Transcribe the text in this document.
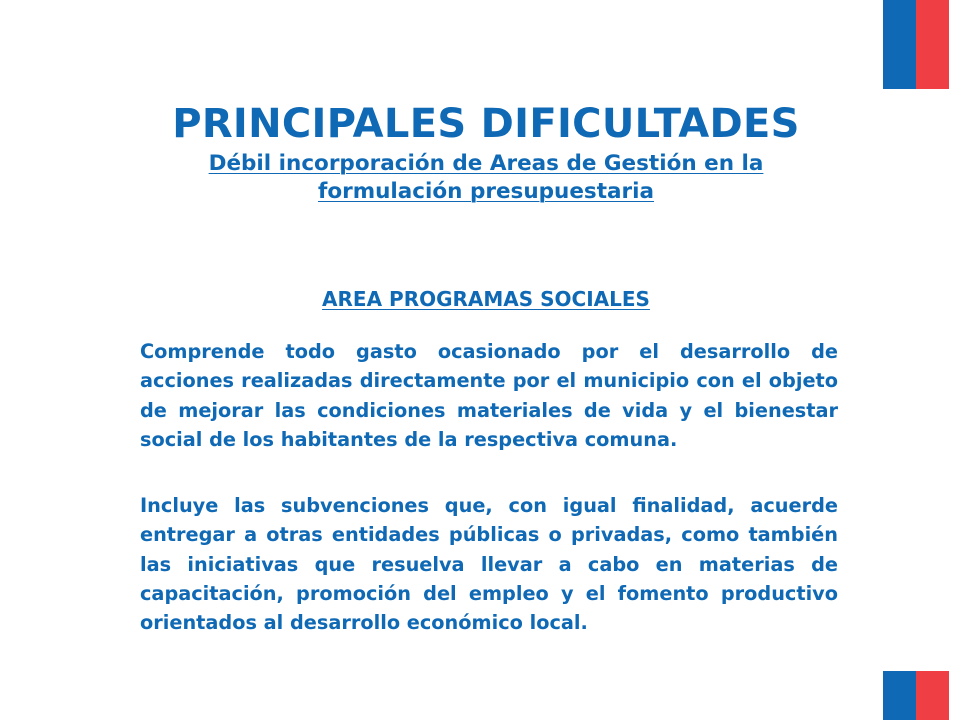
PRINCIPALES DIFICULTADES

Débil incorporación de Areas de Gestión en la formulación presupuestaria

AREA PROGRAMAS SOCIALES

Comprende todo gasto ocasionado por el desarrollo de acciones realizadas directamente por el municipio con el objeto de mejorar las condiciones materiales de vida y el bienestar social de los habitantes de la respectiva comuna.

Incluye las subvenciones que, con igual finalidad, acuerde entregar a otras entidades públicas o privadas, como también las iniciativas que resuelva llevar a cabo en materias de capacitación, promoción del empleo y el fomento productivo orientados al desarrollo económico local.
